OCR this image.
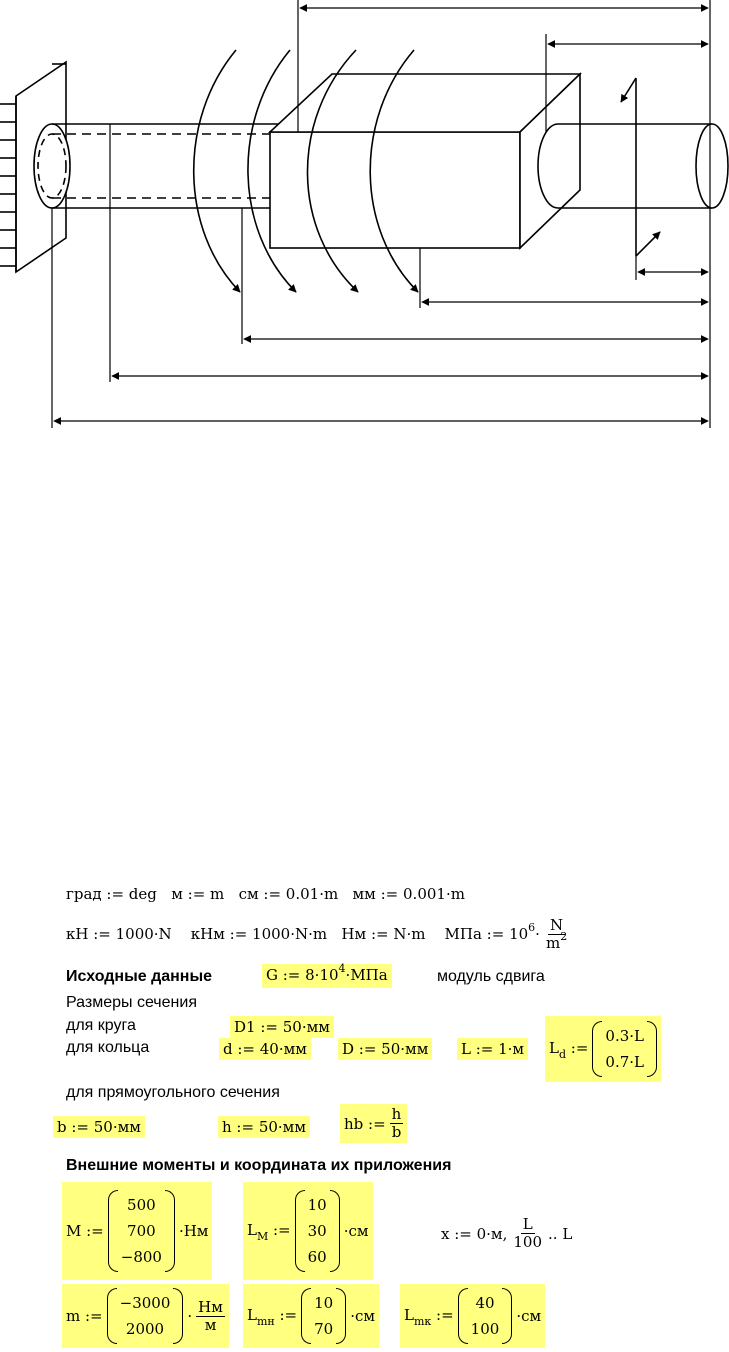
град := deg м := m см := 0.01·m мм := 0.001·m
кН := 1000·N кНм := 1000·N·m Нм := N·m МПа := $10^6\cdot \frac{N}{m^2}$
Исходные данные	G := $8\cdot 10^4\cdot МПа$	модуль сдвига
Размеры сечения
для круга	D1 := 50·мм
для кольца	d := 40·мм D := 50·мм L := 1·м $L_d$ :=
0.3·L
0.7·L
для прямоугольного сечения
b := 50·мм	h := 50·мм	hb := $\frac{h}{b}$
Внешние моменты и координата их приложения
M :=
500
700
−800
·Нм	$L_M$ :=
10
30
60
·см	x := 0·м, $\frac{L}{100}$ .. L
m :=
−3000
2000
· $\frac{Нм}{м} L_{mн}$ :=
10
70
·см $L_{mк}$ :=
40
100
·см
